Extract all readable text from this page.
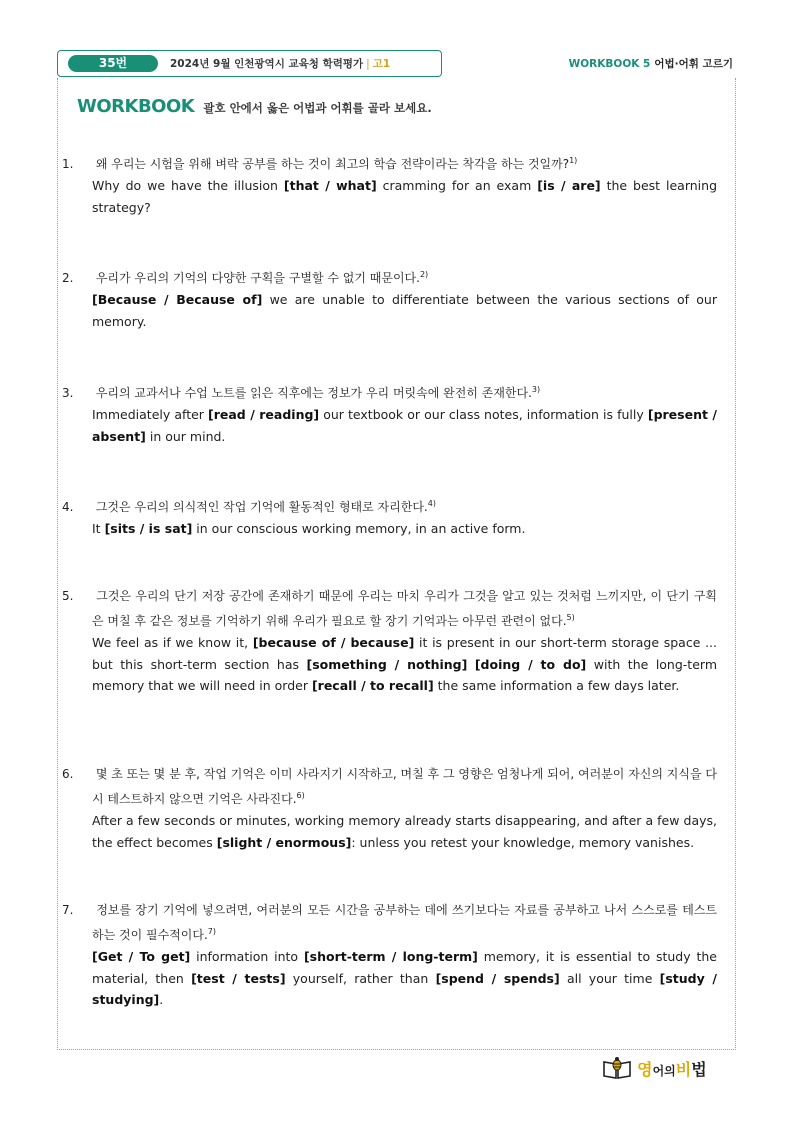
35번	2024년 9월 인천광역시 교육청 학력평가 | 고1	WORKBOOK 5 어법·어휘 고르기
WORKBOOK 괄호 안에서 옳은 어법과 어휘를 골라 보세요.
1. 왜 우리는 시험을 위해 벼락 공부를 하는 것이 최고의 학습 전략이라는 착각을 하는 것일까?$^{1)}$
Why do we have the illusion [that / what] cramming for an exam [is / are] the best learning strategy?
2. 우리가 우리의 기억의 다양한 구획을 구별할 수 없기 때문이다.$^{2)}$
[Because / Because of] we are unable to differentiate between the various sections of our memory.
3. 우리의 교과서나 수업 노트를 읽은 직후에는 정보가 우리 머릿속에 완전히 존재한다.$^{3)}$
Immediately after [read / reading] our textbook or our class notes, information is fully [present / absent] in our mind.
4. 그것은 우리의 의식적인 작업 기억에 활동적인 형태로 자리한다.$^{4)}$
It [sits / is sat] in our conscious working memory, in an active form.
5. 그것은 우리의 단기 저장 공간에 존재하기 때문에 우리는 마치 우리가 그것을 알고 있는 것처럼 느끼지만, 이 단기 구획은 며칠 후 같은 정보를 기억하기 위해 우리가 필요로 할 장기 기억과는 아무런 관련이 없다.$^{5)}$
We feel as if we know it, [because of / because] it is present in our short-term storage space ... but this short-term section has [something / nothing] [doing / to do] with the long-term memory that we will need in order [recall / to recall] the same information a few days later.
6. 몇 초 또는 몇 분 후, 작업 기억은 이미 사라지기 시작하고, 며칠 후 그 영향은 엄청나게 되어, 여러분이 자신의 지식을 다시 테스트하지 않으면 기억은 사라진다.$^{6)}$
After a few seconds or minutes, working memory already starts disappearing, and after a few days, the effect becomes [slight / enormous]: unless you retest your knowledge, memory vanishes.
7. 정보를 장기 기억에 넣으려면, 여러분의 모든 시간을 공부하는 데에 쓰기보다는 자료를 공부하고 나서 스스로를 테스트하는 것이 필수적이다.$^{7)}$
[Get / To get] information into [short-term / long-term] memory, it is essential to study the material, then [test / tests] yourself, rather than [spend / spends] all your time [study / studying].
영어의비법
